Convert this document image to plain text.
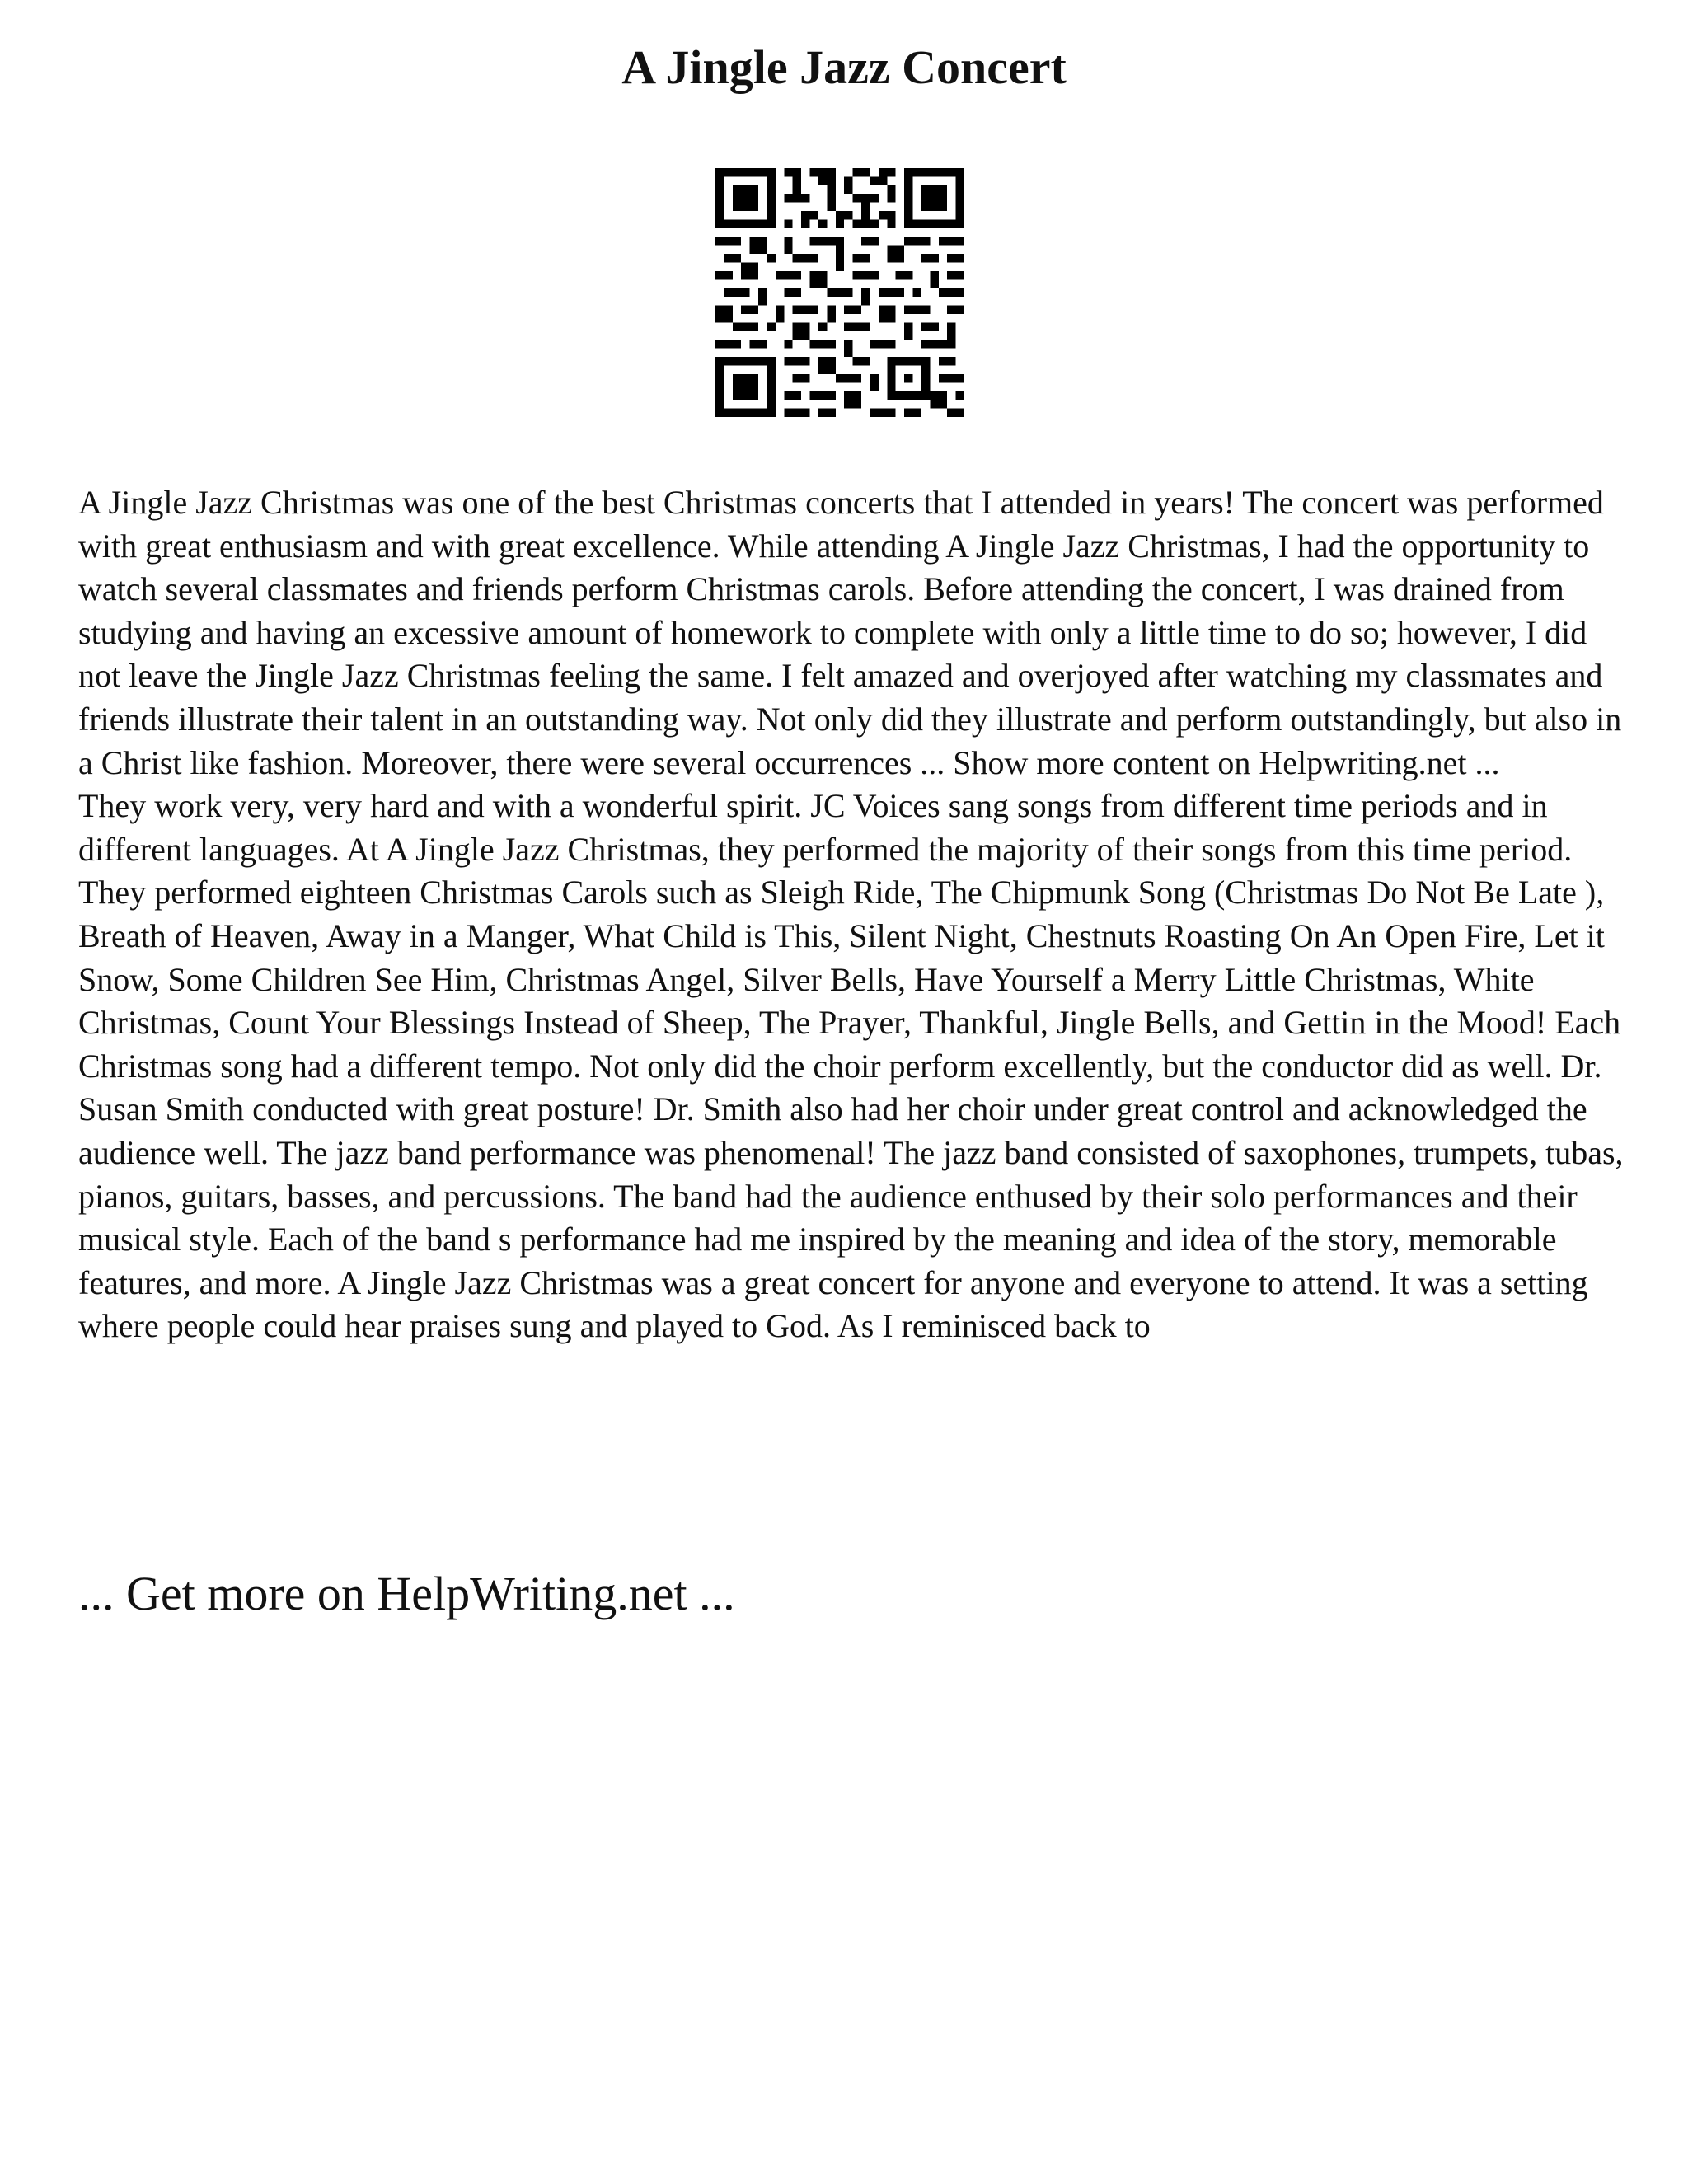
A Jingle Jazz Concert

A Jingle Jazz Christmas was one of the best Christmas concerts that I attended in years! The concert was performed with great enthusiasm and with great excellence. While attending A Jingle Jazz Christmas, I had the opportunity to watch several classmates and friends perform Christmas carols. Before attending the concert, I was drained from studying and having an excessive amount of homework to complete with only a little time to do so; however, I did not leave the Jingle Jazz Christmas feeling the same. I felt amazed and overjoyed after watching my classmates and friends illustrate their talent in an outstanding way. Not only did they illustrate and perform outstandingly, but also in a Christ like fashion. Moreover, there were several occurrences ... Show more content on Helpwriting.net ...

They work very, very hard and with a wonderful spirit. JC Voices sang songs from different time periods and in different languages. At A Jingle Jazz Christmas, they performed the majority of their songs from this time period. They performed eighteen Christmas Carols such as Sleigh Ride, The Chipmunk Song (Christmas Do Not Be Late ), Breath of Heaven, Away in a Manger, What Child is This, Silent Night, Chestnuts Roasting On An Open Fire, Let it Snow, Some Children See Him, Christmas Angel, Silver Bells, Have Yourself a Merry Little Christmas, White Christmas, Count Your Blessings Instead of Sheep, The Prayer, Thankful, Jingle Bells, and Gettin in the Mood! Each Christmas song had a different tempo. Not only did the choir perform excellently, but the conductor did as well. Dr. Susan Smith conducted with great posture! Dr. Smith also had her choir under great control and acknowledged the audience well. The jazz band performance was phenomenal! The jazz band consisted of saxophones, trumpets, tubas, pianos, guitars, basses, and percussions. The band had the audience enthused by their solo performances and their musical style. Each of the band s performance had me inspired by the meaning and idea of the story, memorable features, and more. A Jingle Jazz Christmas was a great concert for anyone and everyone to attend. It was a setting where people could hear praises sung and played to God. As I reminisced back to

... Get more on HelpWriting.net ...
